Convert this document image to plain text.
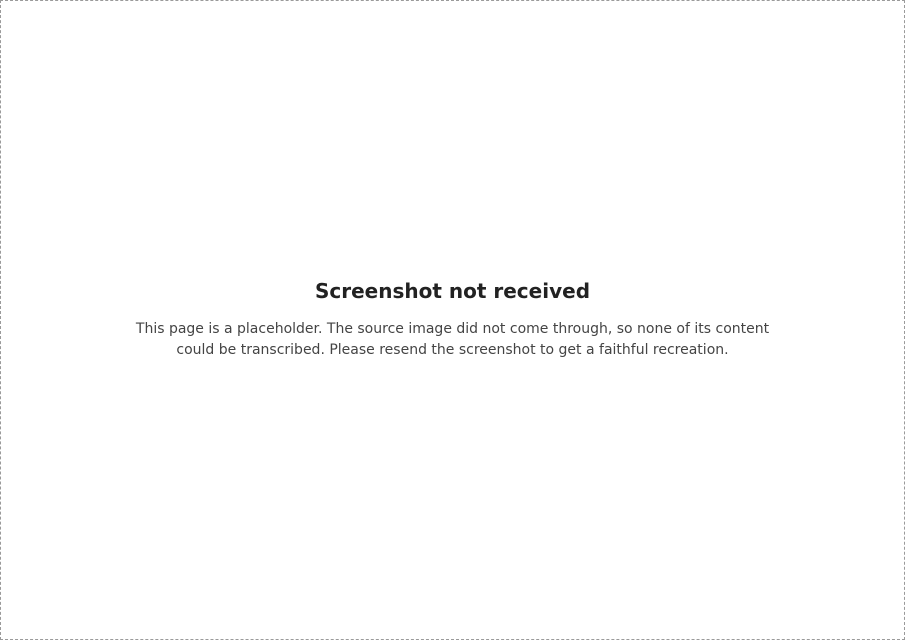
Screenshot not received
This page is a placeholder. The source image did not come through, so none of its content could be transcribed. Please resend the screenshot to get a faithful recreation.
